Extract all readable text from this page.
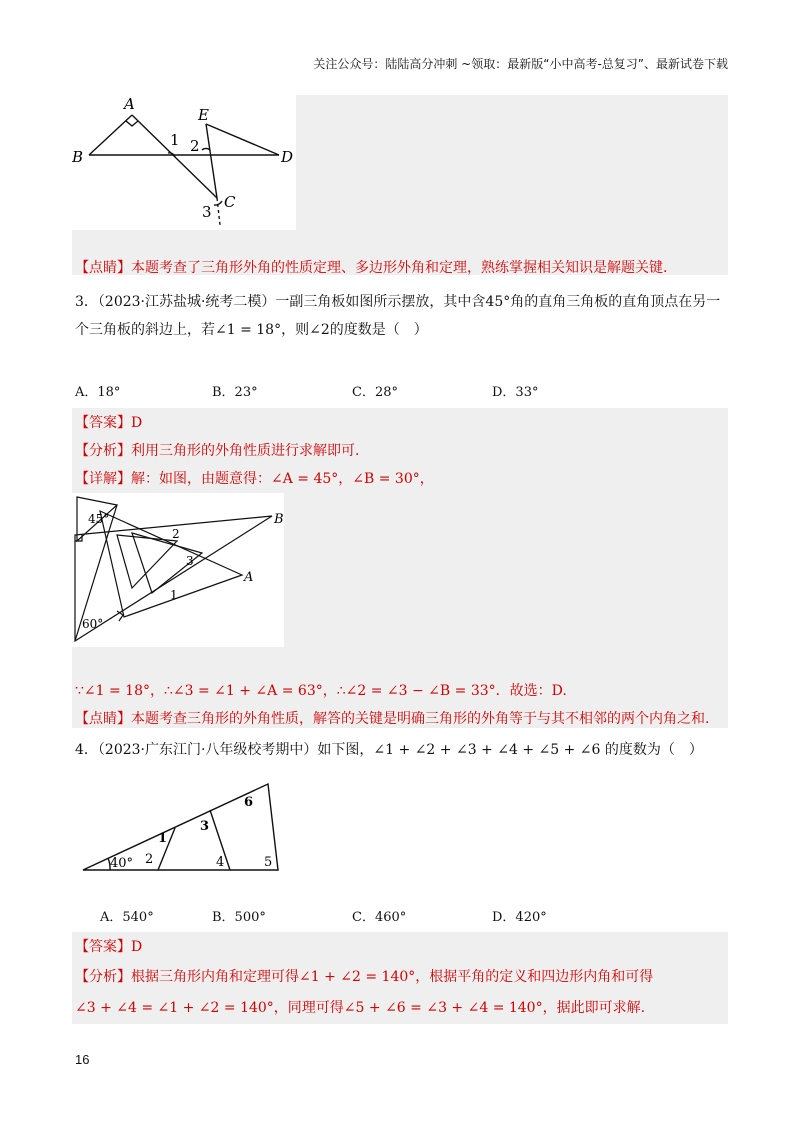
关注公众号：陆陆高分冲刺 ~领取：最新版“小中高考-总复习”、最新试卷下载
A
B
C
D
E
1 2
3
【点睛】本题考查了三角形外角的性质定理、多边形外角和定理，熟练掌握相关知识是解题关键.
3．（2023·江苏盐城·统考二模）一副三角板如图所示摆放，其中含45°角的直角三角板的直角顶点在另一
个三角板的斜边上，若∠1 = 18°，则∠2的度数是（　）
A．18°	B．23°	C．28°	D．33°
【答案】D
【分析】利用三角形的外角性质进行求解即可.
【详解】解：如图，由题意得：∠A = 45°，∠B = 30°，
45°
60°
B
A
1
2
3
∵∠1 = 18°，∴∠3 = ∠1 + ∠A = 63°，∴∠2 = ∠3 − ∠B = 33°．故选：D.
【点睛】本题考查三角形的外角性质，解答的关键是明确三角形的外角等于与其不相邻的两个内角之和.
4．（2023·广东江门·八年级校考期中）如下图，∠1 + ∠2 + ∠3 + ∠4 + ∠5 + ∠6 的度数为（　）
40°
1
2
3
4	5
6
A．540°	B．500°	C．460°	D．420°
【答案】D
【分析】根据三角形内角和定理可得∠1 + ∠2 = 140°，根据平角的定义和四边形内角和可得
∠3 + ∠4 = ∠1 + ∠2 = 140°，同理可得∠5 + ∠6 = ∠3 + ∠4 = 140°，据此即可求解.
16
